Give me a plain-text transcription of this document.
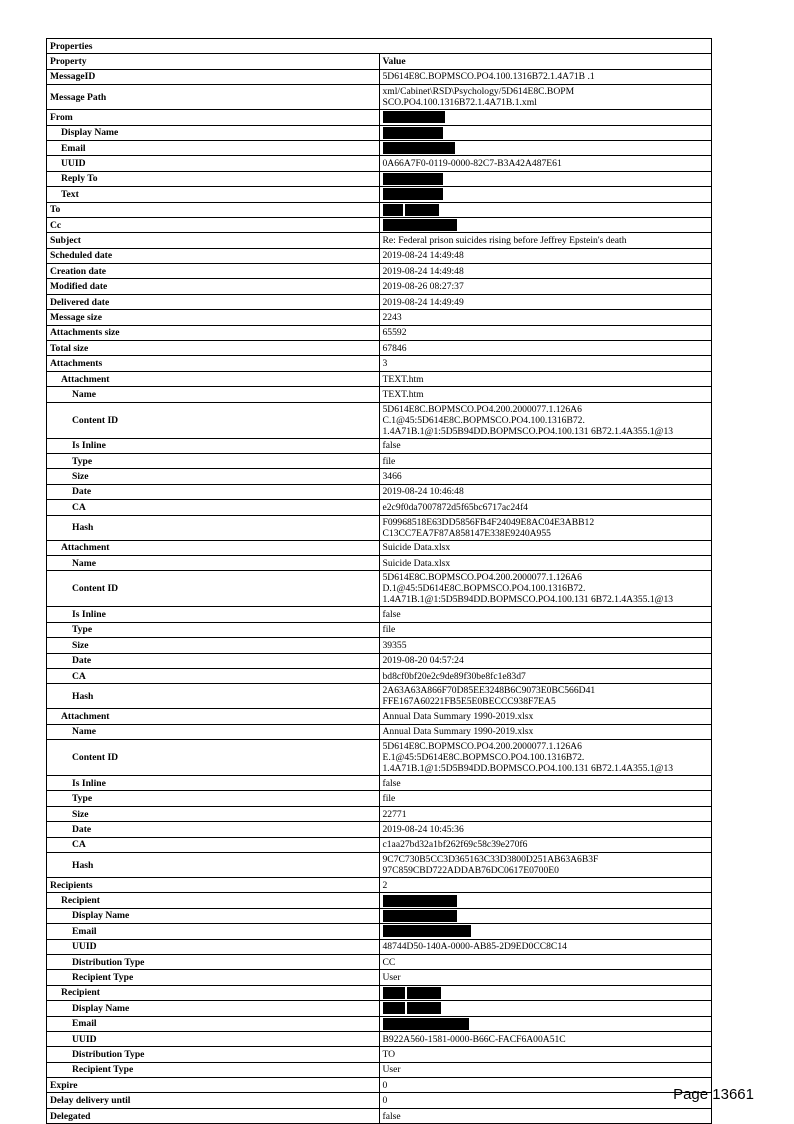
Properties	
Property	Value
MessageID	5D614E8C.BOPMSCO.PO4.100.1316B72.1.4A71B .1
Message Path	xml/Cabinet\RSD\Psychology/5D614E8C.BOPM SCO.PO4.100.1316B72.1.4A71B.1.xml
From	
Display Name	
Email	
UUID	0A66A7F0-0119-0000-82C7-B3A42A487E61
Reply To	
Text	
To	
Cc	
Subject	Re: Federal prison suicides rising before Jeffrey Epstein's death
Scheduled date	2019-08-24 14:49:48
Creation date	2019-08-24 14:49:48
Modified date	2019-08-26 08:27:37
Delivered date	2019-08-24 14:49:49
Message size	2243
Attachments size	65592
Total size	67846
Attachments	3
Attachment	TEXT.htm
Name	TEXT.htm
Content ID	5D614E8C.BOPMSCO.PO4.200.2000077.1.126A6 C.1@45:5D614E8C.BOPMSCO.PO4.100.1316B72. 1.4A71B.1@1:5D5B94DD.BOPMSCO.PO4.100.131 6B72.1.4A355.1@13
Is Inline	false
Type	file
Size	3466
Date	2019-08-24 10:46:48
CA	e2c9f0da7007872d5f65bc6717ac24f4
Hash	F09968518E63DD5856FB4F24049E8AC04E3ABB12 C13CC7EA7F87A858147E338E9240A955
Attachment	Suicide Data.xlsx
Name	Suicide Data.xlsx
Content ID	5D614E8C.BOPMSCO.PO4.200.2000077.1.126A6 D.1@45:5D614E8C.BOPMSCO.PO4.100.1316B72. 1.4A71B.1@1:5D5B94DD.BOPMSCO.PO4.100.131 6B72.1.4A355.1@13
Is Inline	false
Type	file
Size	39355
Date	2019-08-20 04:57:24
CA	bd8cf0bf20e2c9de89f30be8fc1e83d7
Hash	2A63A63A866F70D85EE3248B6C9073E0BC566D41 FFE167A60221FB5E5E0BECCC938F7EA5
Attachment	Annual Data Summary 1990-2019.xlsx
Name	Annual Data Summary 1990-2019.xlsx
Content ID	5D614E8C.BOPMSCO.PO4.200.2000077.1.126A6 E.1@45:5D614E8C.BOPMSCO.PO4.100.1316B72. 1.4A71B.1@1:5D5B94DD.BOPMSCO.PO4.100.131 6B72.1.4A355.1@13
Is Inline	false
Type	file
Size	22771
Date	2019-08-24 10:45:36
CA	c1aa27bd32a1bf262f69c58c39e270f6
Hash	9C7C730B5CC3D365163C33D3800D251AB63A6B3F 97C859CBD722ADDAB76DC0617E0700E0
Recipients	2
Recipient	
Display Name	
Email	
UUID	48744D50-140A-0000-AB85-2D9ED0CC8C14
Distribution Type	CC
Recipient Type	User
Recipient	
Display Name	
Email	
UUID	B922A560-1581-0000-B66C-FACF6A00A51C
Distribution Type	TO
Recipient Type	User
Expire	0
Delay delivery until	0
Delegated	false
Page 13661
